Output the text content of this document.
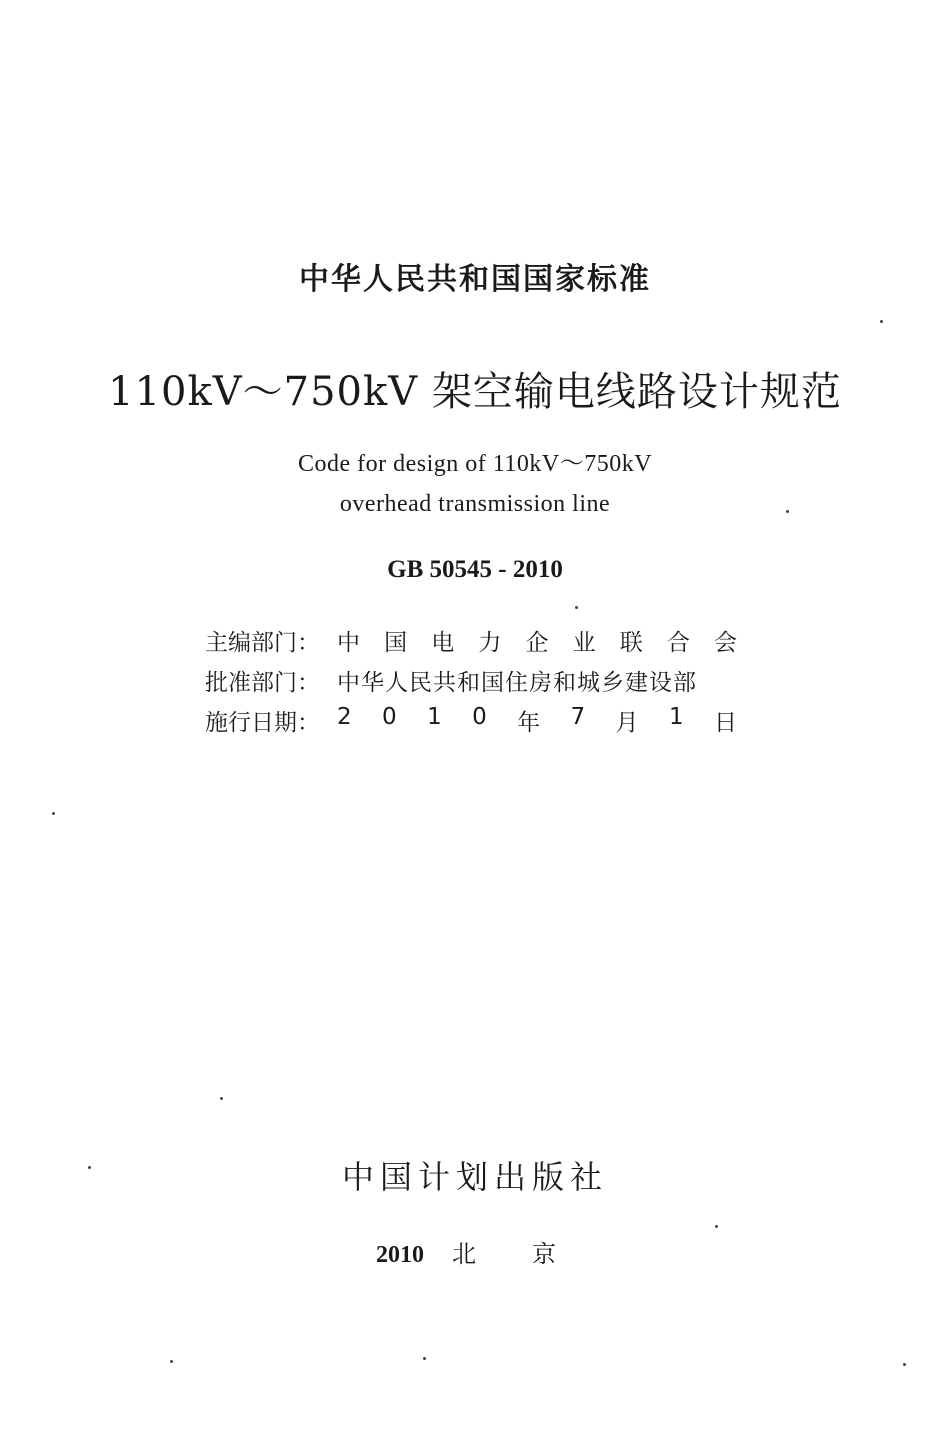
中华人民共和国国家标准
110kV～750kV 架空输电线路设计规范
Code for design of 110kV～750kV
overhead transmission line
GB 50545 - 2010
主编部门： 中 国 电 力 企 业 联 合 会
批准部门： 中华人民共和国住房和城乡建设部
施行日期： 2 0 1 0 年 7 月 1 日
中国计划出版社
2010 北京
